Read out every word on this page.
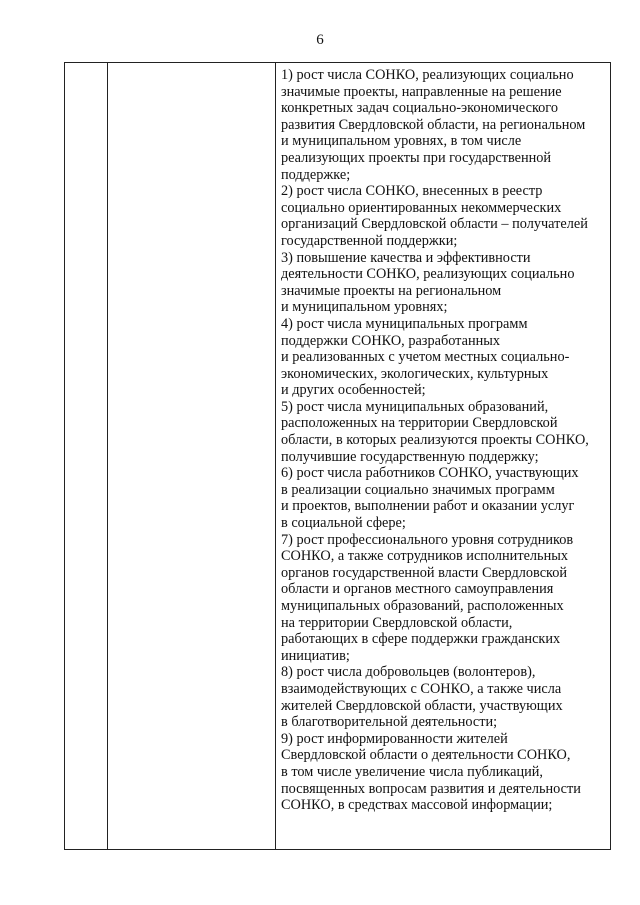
6

1) рост числа СОНКО, реализующих социально
значимые проекты, направленные на решение
конкретных задач социально-экономического
развития Свердловской области, на региональном
и муниципальном уровнях, в том числе
реализующих проекты при государственной
поддержке;

2) рост числа СОНКО, внесенных в реестр
социально ориентированных некоммерческих
организаций Свердловской области – получателей
государственной поддержки;

3) повышение качества и эффективности
деятельности СОНКО, реализующих социально
значимые проекты на региональном
и муниципальном уровнях;

4) рост числа муниципальных программ
поддержки СОНКО, разработанных
и реализованных с учетом местных социально-
экономических, экологических, культурных
и других особенностей;

5) рост числа муниципальных образований,
расположенных на территории Свердловской
области, в которых реализуются проекты СОНКО,
получившие государственную поддержку;

6) рост числа работников СОНКО, участвующих
в реализации социально значимых программ
и проектов, выполнении работ и оказании услуг
в социальной сфере;

7) рост профессионального уровня сотрудников
СОНКО, а также сотрудников исполнительных
органов государственной власти Свердловской
области и органов местного самоуправления
муниципальных образований, расположенных
на территории Свердловской области,
работающих в сфере поддержки гражданских
инициатив;

8) рост числа добровольцев (волонтеров),
взаимодействующих с СОНКО, а также числа
жителей Свердловской области, участвующих
в благотворительной деятельности;

9) рост информированности жителей
Свердловской области о деятельности СОНКО,
в том числе увеличение числа публикаций,
посвященных вопросам развития и деятельности
СОНКО, в средствах массовой информации;
